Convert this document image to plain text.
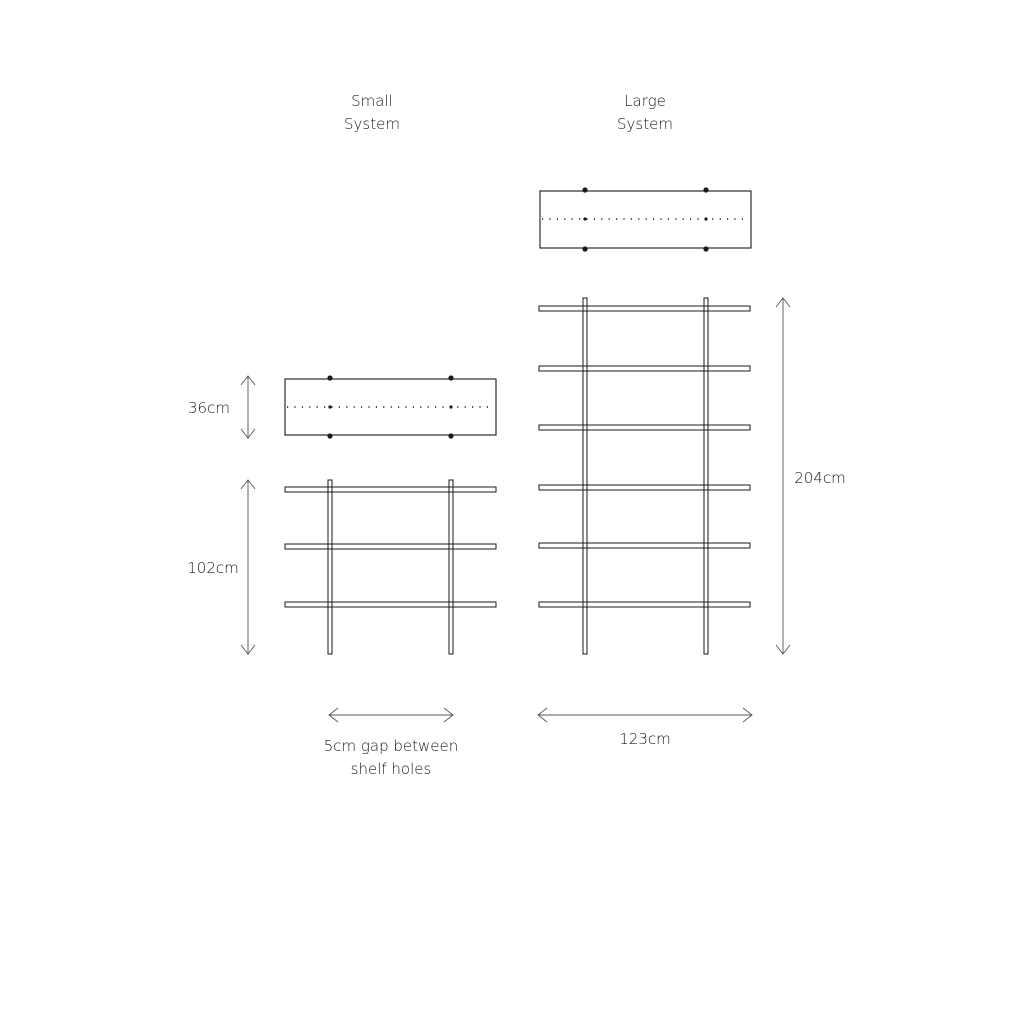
Small
System
36cm
102cm
5cm gap between
shelf holes
Large
System
204cm
123cm
